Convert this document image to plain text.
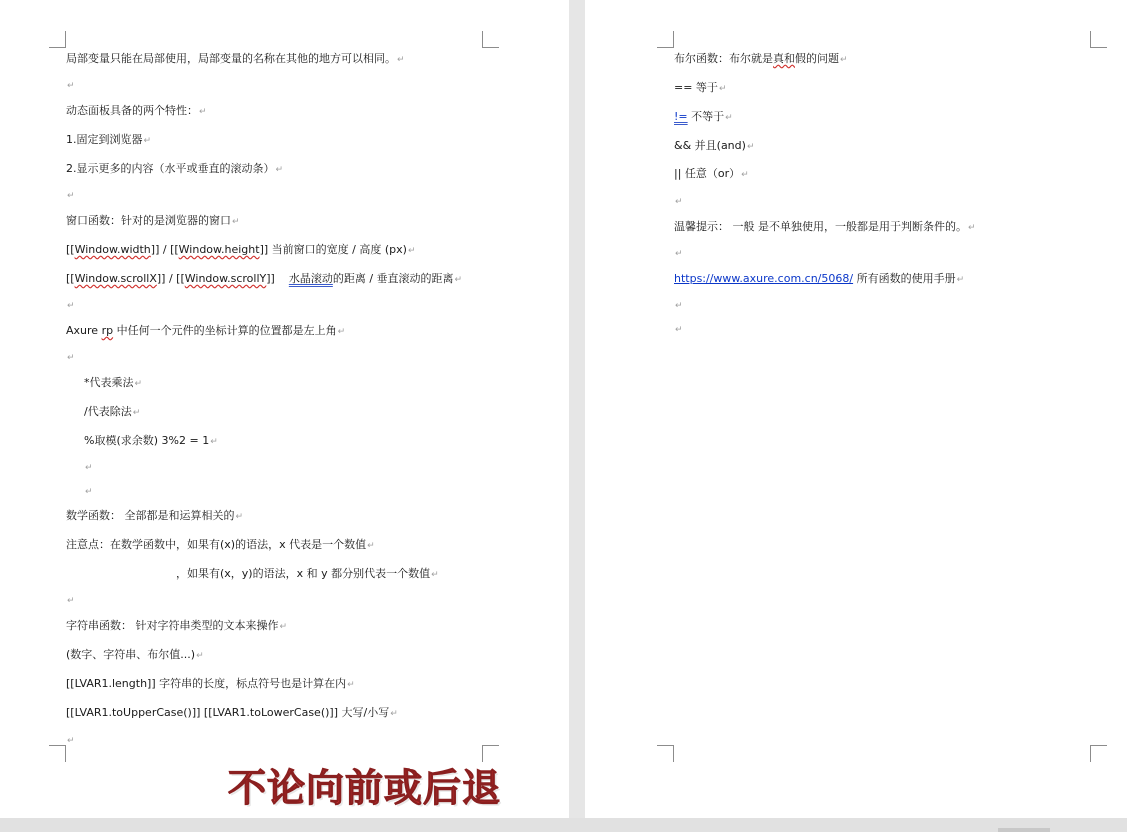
局部变量只能在局部使用，局部变量的名称在其他的地方可以相同。↵
↵
动态面板具备的两个特性：↵
1.固定到浏览器↵
2.显示更多的内容（水平或垂直的滚动条）↵
↵
窗口函数：针对的是浏览器的窗口↵
[[Window.width]] / [[Window.height]] 当前窗口的宽度 / 高度 (px)↵
[[Window.scrollX]] / [[Window.scrollY]] 水晶滚动的距离 / 垂直滚动的距离↵
↵
Axure rp 中任何一个元件的坐标计算的位置都是左上角↵
↵
*代表乘法↵
/代表除法↵
%取模(求余数) 3%2 = 1↵
↵
↵
数学函数： 全部都是和运算相关的↵
注意点：在数学函数中，如果有(x)的语法，x 代表是一个数值↵
，如果有(x，y)的语法，x 和 y 都分别代表一个数值↵
↵
字符串函数： 针对字符串类型的文本来操作↵
(数字、字符串、布尔值...)↵
[[LVAR1.length]] 字符串的长度，标点符号也是计算在内↵
[[LVAR1.toUpperCase()]] [[LVAR1.toLowerCase()]] 大写/小写↵
↵
布尔函数：布尔就是真和假的问题↵
== 等于↵
!= 不等于↵
&& 并且(and)↵
|| 任意（or）↵
↵
温馨提示： 一般 是不单独使用，一般都是用于判断条件的。↵
↵
https://www.axure.com.cn/5068/ 所有函数的使用手册↵
↵
↵
不论向前或后退
